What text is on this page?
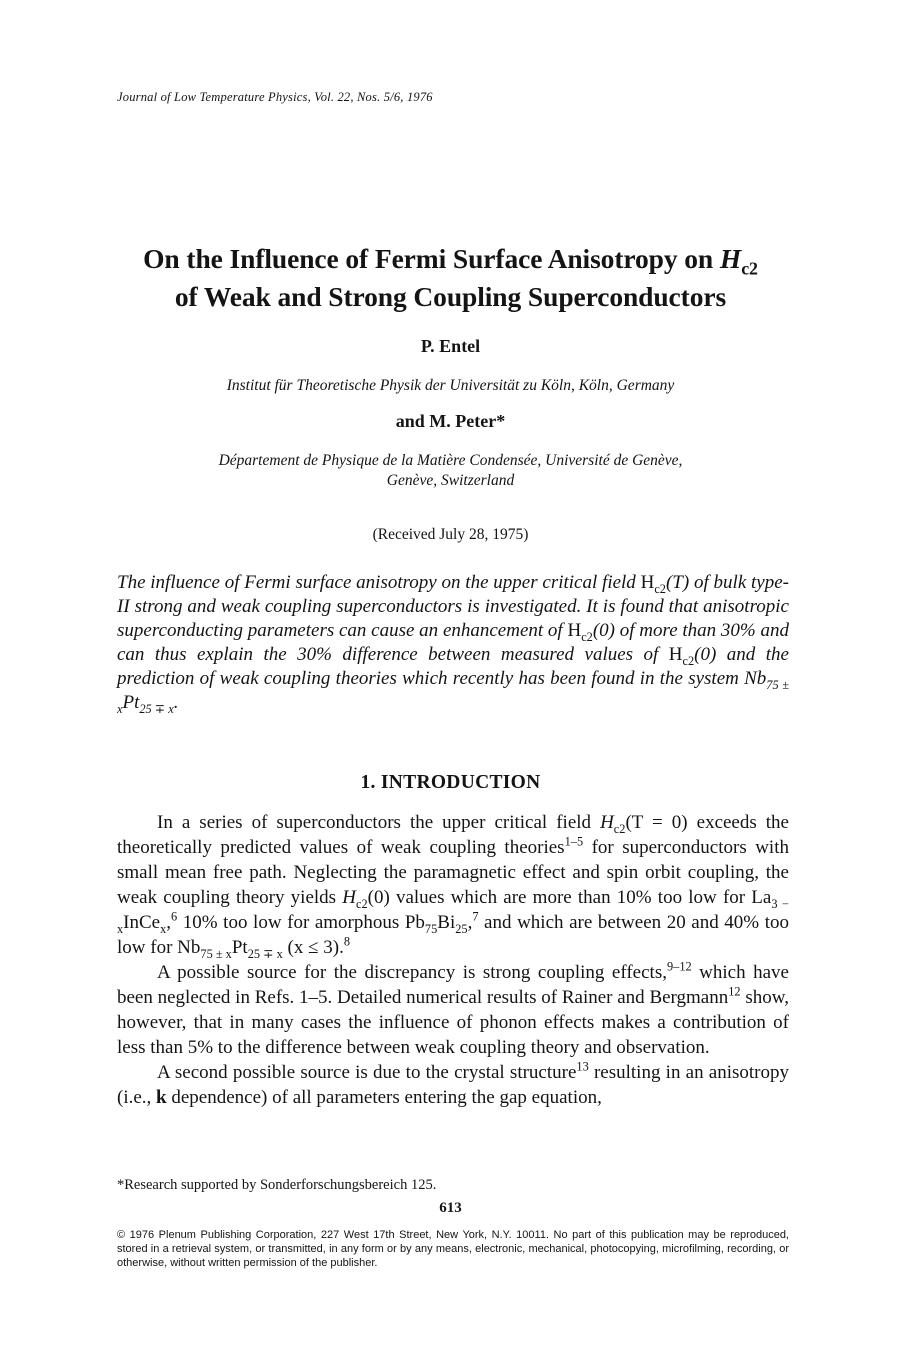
Journal of Low Temperature Physics, Vol. 22, Nos. 5/6, 1976
On the Influence of Fermi Surface Anisotropy on $H_{c2}$
of Weak and Strong Coupling Superconductors
P. Entel
Institut für Theoretische Physik der Universität zu Köln, Köln, Germany
and M. Peter*
Département de Physique de la Matière Condensée, Université de Genève,
Genève, Switzerland
(Received July 28, 1975)
The influence of Fermi surface anisotropy on the upper critical field $H_{c2}(T)$ of bulk type-II strong and weak coupling superconductors is investigated. It is found that anisotropic superconducting parameters can cause an enhancement of $H_{c2}(0)$ of more than 30% and can thus explain the 30% difference between measured values of $H_{c2}(0)$ and the prediction of weak coupling theories which recently has been found in the system $Nb_{75 \pm x}Pt_{25 \mp x}$.
1. INTRODUCTION

In a series of superconductors the upper critical field $H_{c2}(T = 0)$ exceeds the theoretically predicted values of weak coupling theories$^{1-5}$ for superconductors with small mean free path. Neglecting the paramagnetic effect and spin orbit coupling, the weak coupling theory yields $H_{c2}(0)$ values which are more than 10% too low for $La_{3 - x}InCe_x,^6$ 10% too low for amorphous $Pb_{75}Bi_{25},^7$ and which are between 20 and 40% too low for $Nb_{75 \pm x}Pt_{25 \mp x}$ (x ≤ 3).$^8$

A possible source for the discrepancy is strong coupling effects,$^{9-12}$ which have been neglected in Refs. 1–5. Detailed numerical results of Rainer and Bergmann$^{12}$ show, however, that in many cases the influence of phonon effects makes a contribution of less than 5% to the difference between weak coupling theory and observation.

A second possible source is due to the crystal structure$^{13}$ resulting in an anisotropy (i.e., k dependence) of all parameters entering the gap equation,

*Research supported by Sonderforschungsbereich 125.
613
© 1976 Plenum Publishing Corporation, 227 West 17th Street, New York, N.Y. 10011. No part of this publication may be reproduced, stored in a retrieval system, or transmitted, in any form or by any means, electronic, mechanical, photocopying, microfilming, recording, or otherwise, without written permission of the publisher.
